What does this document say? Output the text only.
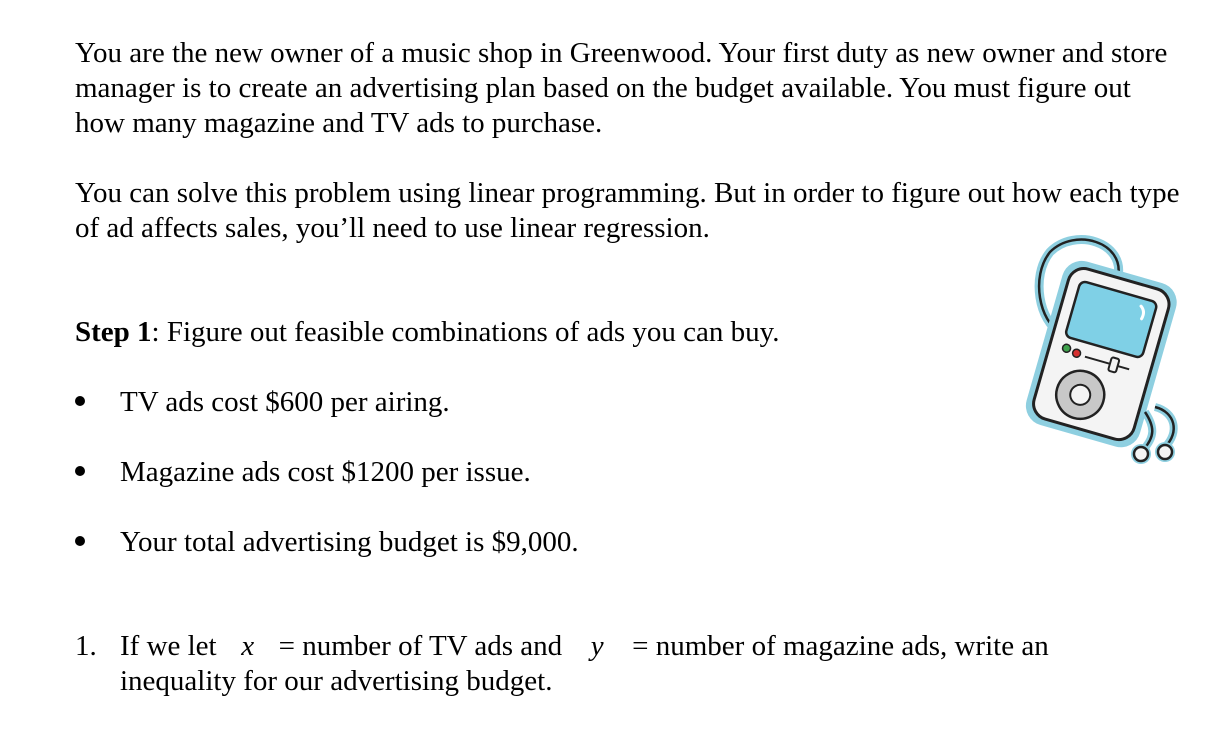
You are the new owner of a music shop in Greenwood. Your first duty as new owner and store manager is to create an advertising plan based on the budget available. You must figure out how many magazine and TV ads to purchase.

You can solve this problem using linear programming. But in order to figure out how each type of ad affects sales, you’ll need to use linear regression.

Step 1: Figure out feasible combinations of ads you can buy.

TV ads cost $600 per airing.
Magazine ads cost $1200 per issue.
Your total advertising budget is $9,000.
1. If we let x = number of TV ads and y = number of magazine ads, write an
inequality for our advertising budget.
